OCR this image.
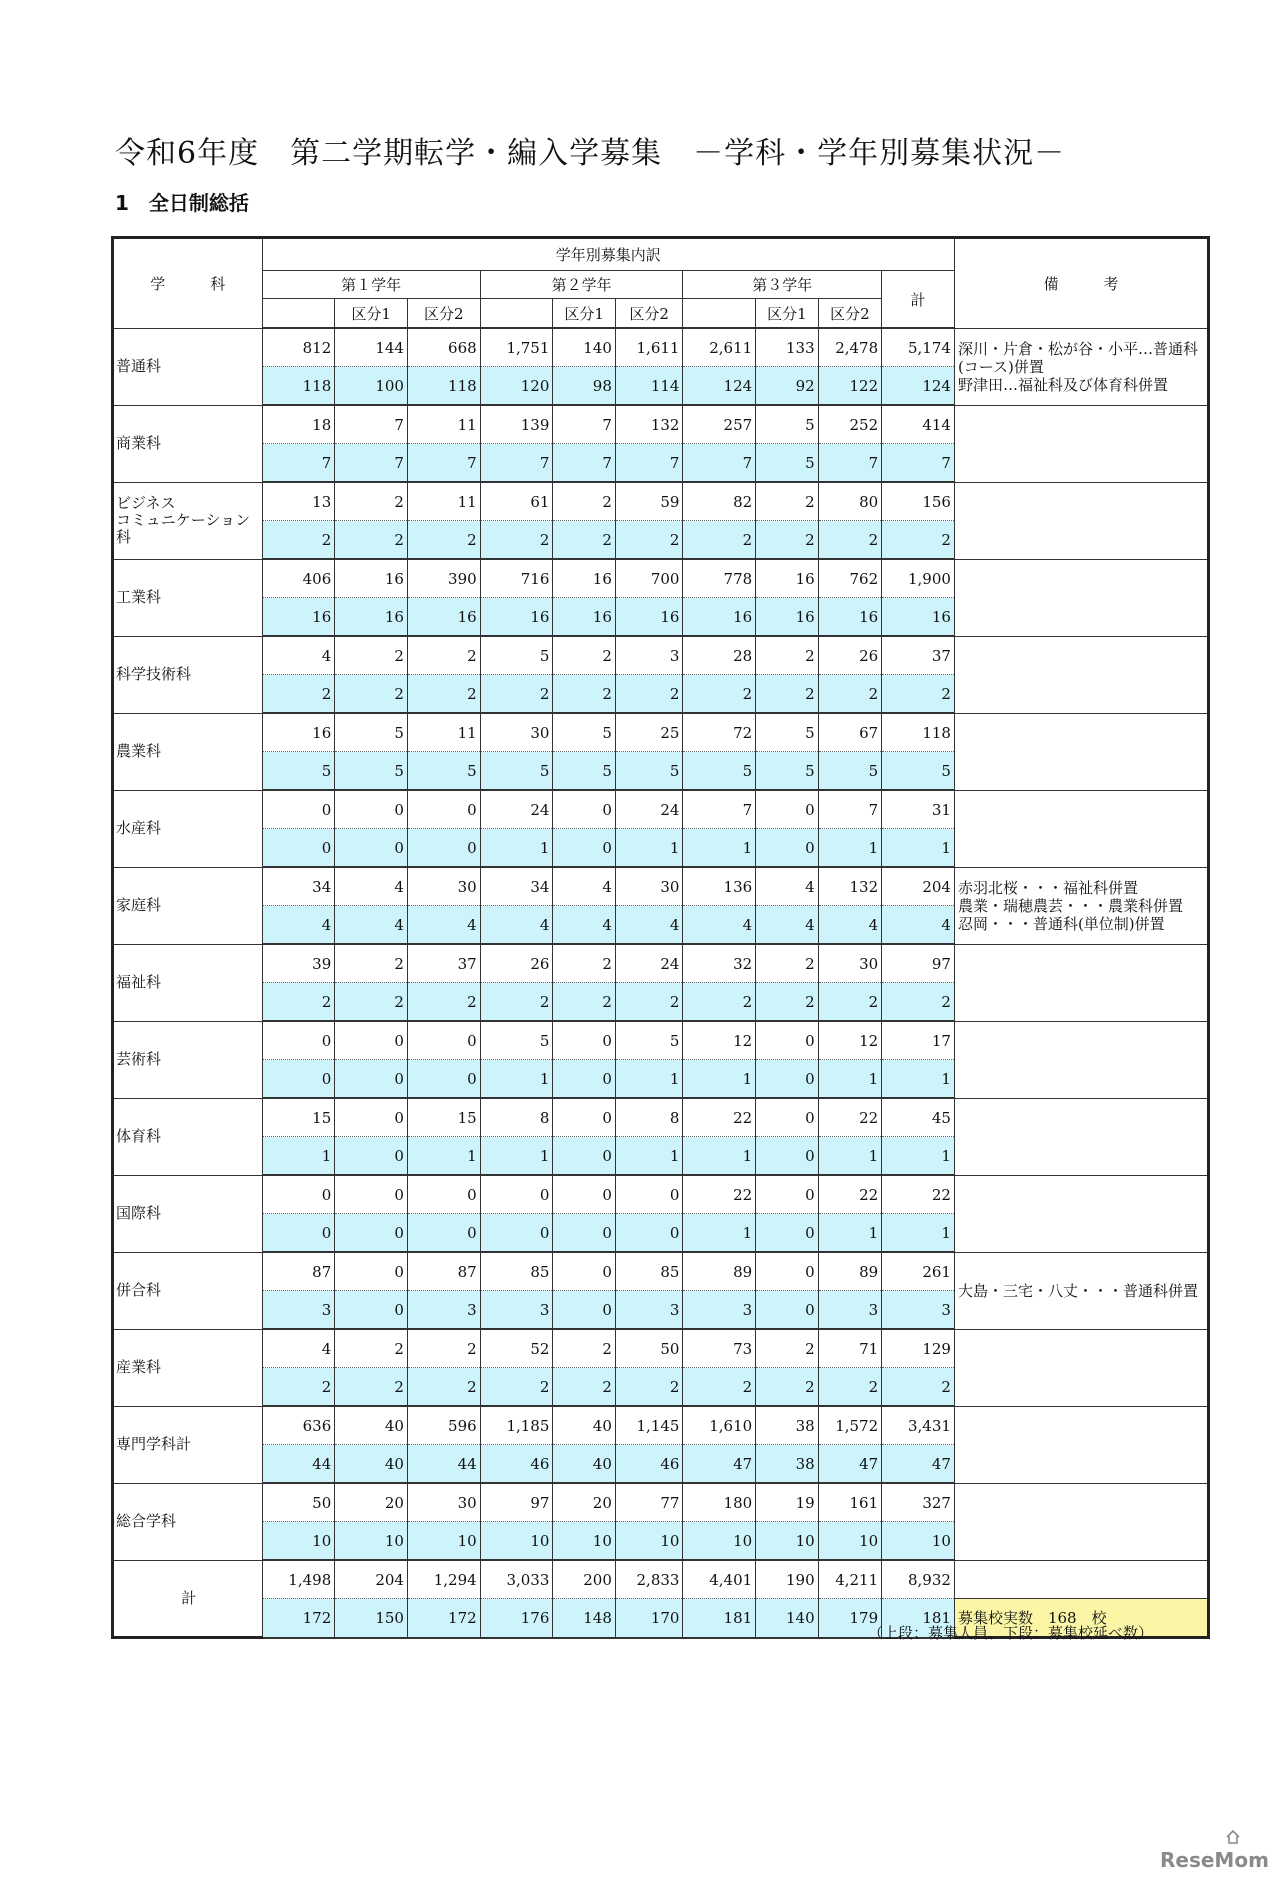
令和6年度　第二学期転学・編入学募集　－学科・学年別募集状況－
1　全日制総括
学　　　科	学年別募集内訳										備　　　考
	第１学年			第２学年			第３学年			計	
		区分1	区分2		区分1	区分2		区分1	区分2		

普通科	812	144	668	1,751	140	1,611	2,611	133	2,478	5,174	深川・片倉・松が谷・小平…普通科(コース)併置
野津田…福祉科及び体育科併置

	118	100	118	120	98	114	124	92	122	124	

商業科	18	7	11	139	7	132	257	5	252	414	

	7	7	7	7	7	7	7	5	7	7	

ビジネス
コミュニケーション科	13	2	11	61	2	59	82	2	80	156	

	2	2	2	2	2	2	2	2	2	2	

工業科	406	16	390	716	16	700	778	16	762	1,900	

	16	16	16	16	16	16	16	16	16	16	

科学技術科	4	2	2	5	2	3	28	2	26	37	

	2	2	2	2	2	2	2	2	2	2	

農業科	16	5	11	30	5	25	72	5	67	118	

	5	5	5	5	5	5	5	5	5	5	

水産科	0	0	0	24	0	24	7	0	7	31	

	0	0	0	1	0	1	1	0	1	1	

家庭科	34	4	30	34	4	30	136	4	132	204	赤羽北桜・・・福祉科併置
農業・瑞穂農芸・・・農業科併置
忍岡・・・普通科(単位制)併置

	4	4	4	4	4	4	4	4	4	4	

福祉科	39	2	37	26	2	24	32	2	30	97	

	2	2	2	2	2	2	2	2	2	2	

芸術科	0	0	0	5	0	5	12	0	12	17	

	0	0	0	1	0	1	1	0	1	1	

体育科	15	0	15	8	0	8	22	0	22	45	

	1	0	1	1	0	1	1	0	1	1	

国際科	0	0	0	0	0	0	22	0	22	22	

	0	0	0	0	0	0	1	0	1	1	

併合科	87	0	87	85	0	85	89	0	89	261	大島・三宅・八丈・・・普通科併置

	3	0	3	3	0	3	3	0	3	3	

産業科	4	2	2	52	2	50	73	2	71	129	

	2	2	2	2	2	2	2	2	2	2	

専門学科計	636	40	596	1,185	40	1,145	1,610	38	1,572	3,431	

	44	40	44	46	40	46	47	38	47	47	

総合学科	50	20	30	97	20	77	180	19	161	327	

	10	10	10	10	10	10	10	10	10	10	

計	1,498	204	1,294	3,033	200	2,833	4,401	190	4,211	8,932	
	172	150	172	176	148	170	181	140	179	181	募集校実数　168　校
（上段：募集人員、下段：募集校延べ数）
ReseMom
